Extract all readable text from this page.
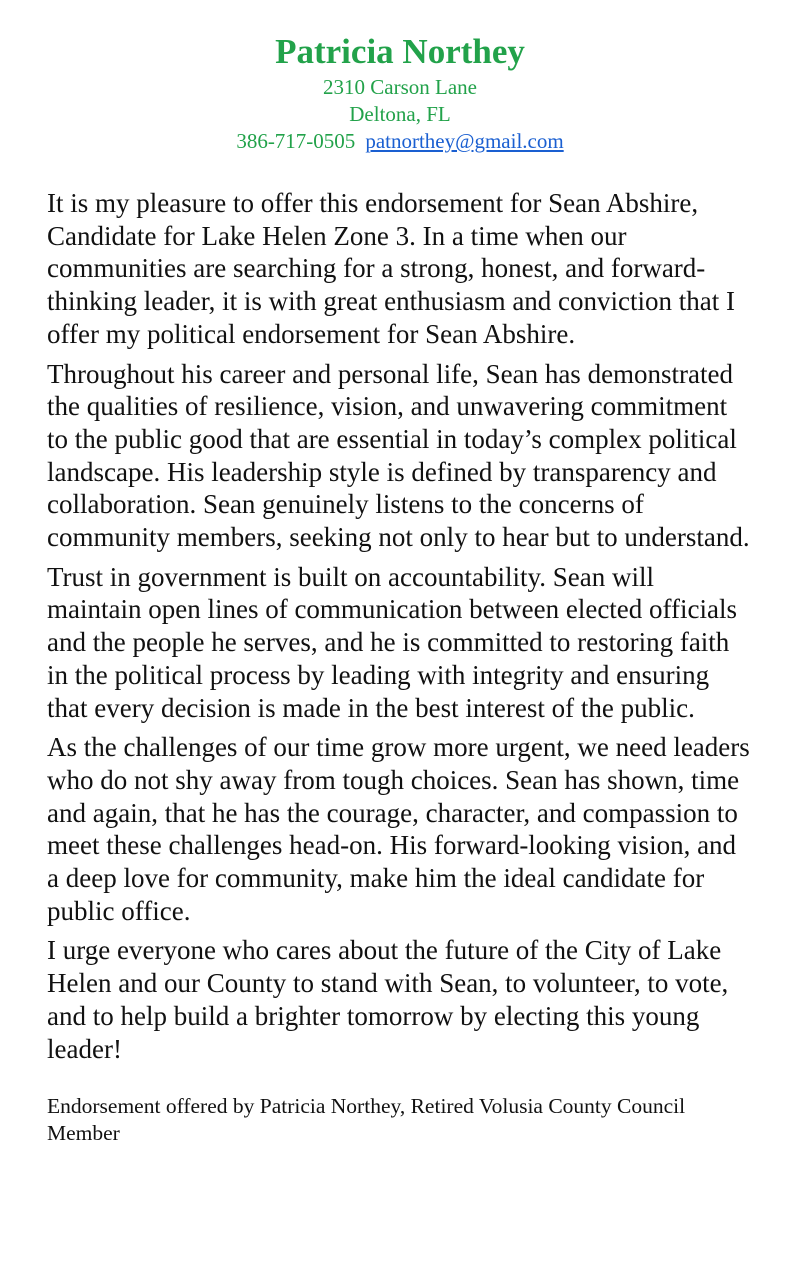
Patricia Northey
2310 Carson Lane
Deltona, FL
386-717-0505 patnorthey@gmail.com

It is my pleasure to offer this endorsement for Sean Abshire, Candidate for Lake Helen Zone 3. In a time when our communities are searching for a strong, honest, and forward-thinking leader, it is with great enthusiasm and conviction that I offer my political endorsement for Sean Abshire.

Throughout his career and personal life, Sean has demonstrated the qualities of resilience, vision, and unwavering commitment to the public good that are essential in today’s complex political landscape. His leadership style is defined by transparency and collaboration. Sean genuinely listens to the concerns of community members, seeking not only to hear but to understand.

Trust in government is built on accountability. Sean will maintain open lines of communication between elected officials and the people he serves, and he is committed to restoring faith in the political process by leading with integrity and ensuring that every decision is made in the best interest of the public.

As the challenges of our time grow more urgent, we need leaders who do not shy away from tough choices. Sean has shown, time and again, that he has the courage, character, and compassion to meet these challenges head-on. His forward-looking vision, and a deep love for community, make him the ideal candidate for public office.

I urge everyone who cares about the future of the City of Lake Helen and our County to stand with Sean, to volunteer, to vote, and to help build a brighter tomorrow by electing this young leader!

Endorsement offered by Patricia Northey, Retired Volusia County Council Member
